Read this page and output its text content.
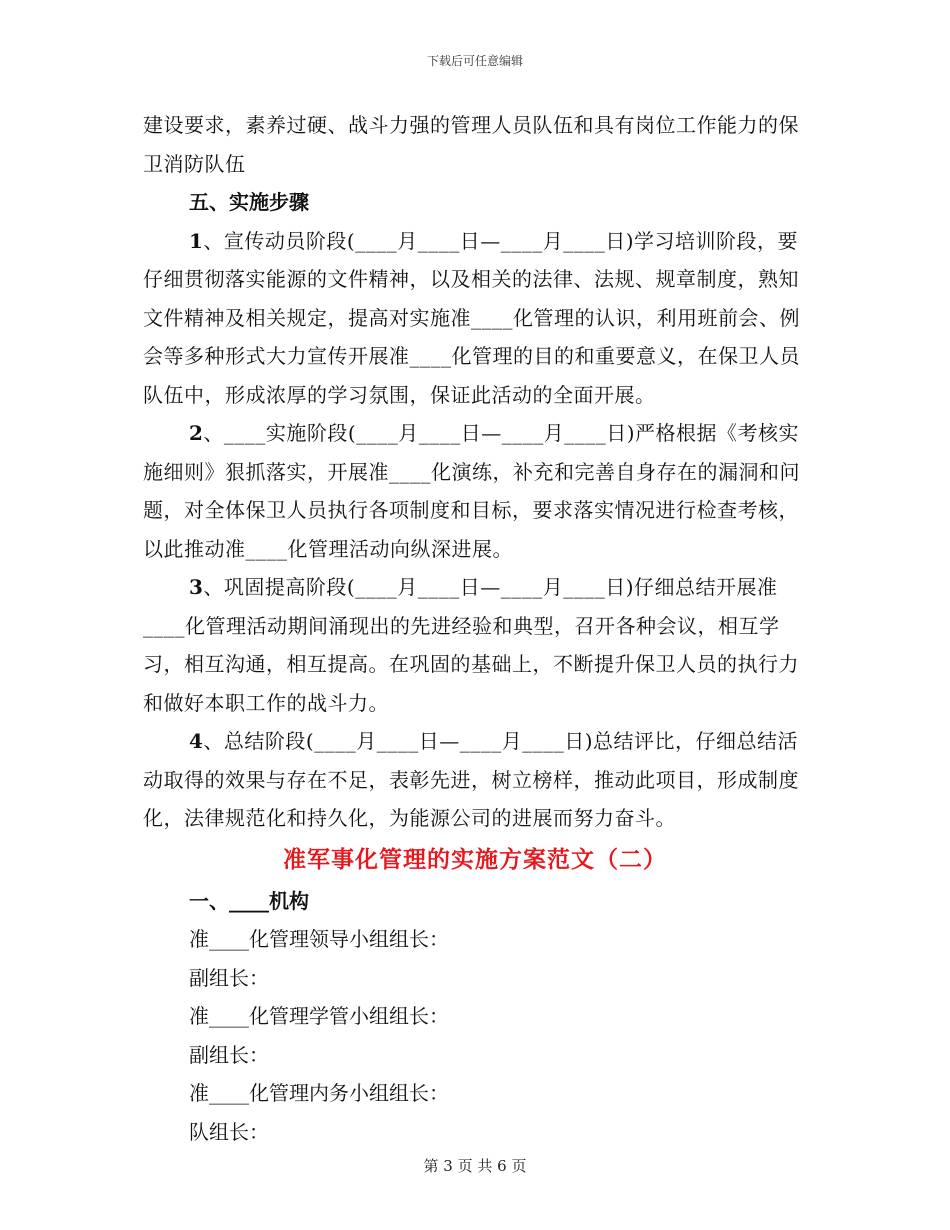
下载后可任意编辑

建设要求，素养过硬、战斗力强的管理人员队伍和具有岗位工作能力的保卫消防队伍

五、实施步骤

1、宣传动员阶段(____月____日—____月____日)学习培训阶段，要仔细贯彻落实能源的文件精神，以及相关的法律、法规、规章制度，熟知文件精神及相关规定，提高对实施准____化管理的认识，利用班前会、例会等多种形式大力宣传开展准____化管理的目的和重要意义，在保卫人员队伍中，形成浓厚的学习氛围，保证此活动的全面开展。

2、____实施阶段(____月____日—____月____日)严格根据《考核实施细则》狠抓落实，开展准____化演练，补充和完善自身存在的漏洞和问题，对全体保卫人员执行各项制度和目标，要求落实情况进行检查考核，以此推动准____化管理活动向纵深进展。

3、巩固提高阶段(____月____日—____月____日)仔细总结开展准____化管理活动期间涌现出的先进经验和典型，召开各种会议，相互学习，相互沟通，相互提高。在巩固的基础上，不断提升保卫人员的执行力和做好本职工作的战斗力。

4、总结阶段(____月____日—____月____日)总结评比，仔细总结活动取得的效果与存在不足，表彰先进，树立榜样，推动此项目，形成制度化，法律规范化和持久化，为能源公司的进展而努力奋斗。

准军事化管理的实施方案范文（二）

一、____机构

准____化管理领导小组组长：

副组长：

准____化管理学管小组组长：

副组长：

准____化管理内务小组组长：

队组长：

第 3 页 共 6 页
